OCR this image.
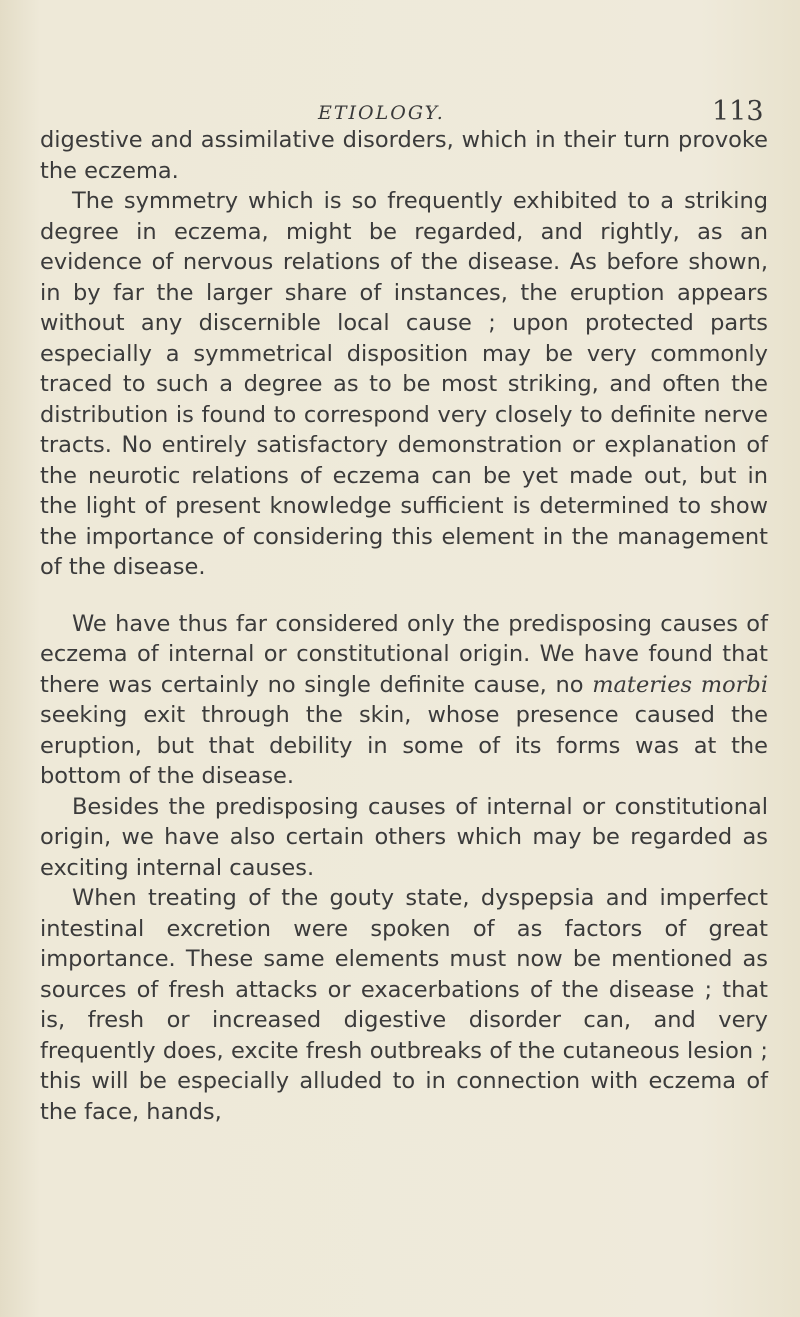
ETIOLOGY.	113

digestive and assimilative disorders, which in their turn provoke the eczema.

The symmetry which is so frequently exhibited to a striking degree in eczema, might be regarded, and rightly, as an evidence of nervous relations of the disease. As before shown, in by far the larger share of instances, the eruption appears without any discernible local cause ; upon protected parts especially a symmetrical disposition may be very commonly traced to such a degree as to be most striking, and often the distribution is found to correspond very closely to definite nerve tracts. No entirely satisfactory demonstration or explanation of the neurotic relations of eczema can be yet made out, but in the light of present knowledge sufficient is determined to show the importance of considering this element in the management of the disease.

We have thus far considered only the predisposing causes of eczema of internal or constitutional origin. We have found that there was certainly no single definite cause, no materies morbi seeking exit through the skin, whose presence caused the eruption, but that debility in some of its forms was at the bottom of the disease.

Besides the predisposing causes of internal or constitutional origin, we have also certain others which may be regarded as exciting internal causes.

When treating of the gouty state, dyspepsia and imperfect intestinal excretion were spoken of as factors of great importance. These same elements must now be mentioned as sources of fresh attacks or exacerbations of the disease ; that is, fresh or increased digestive disorder can, and very frequently does, excite fresh outbreaks of the cutaneous lesion ; this will be especially alluded to in connection with eczema of the face, hands,
